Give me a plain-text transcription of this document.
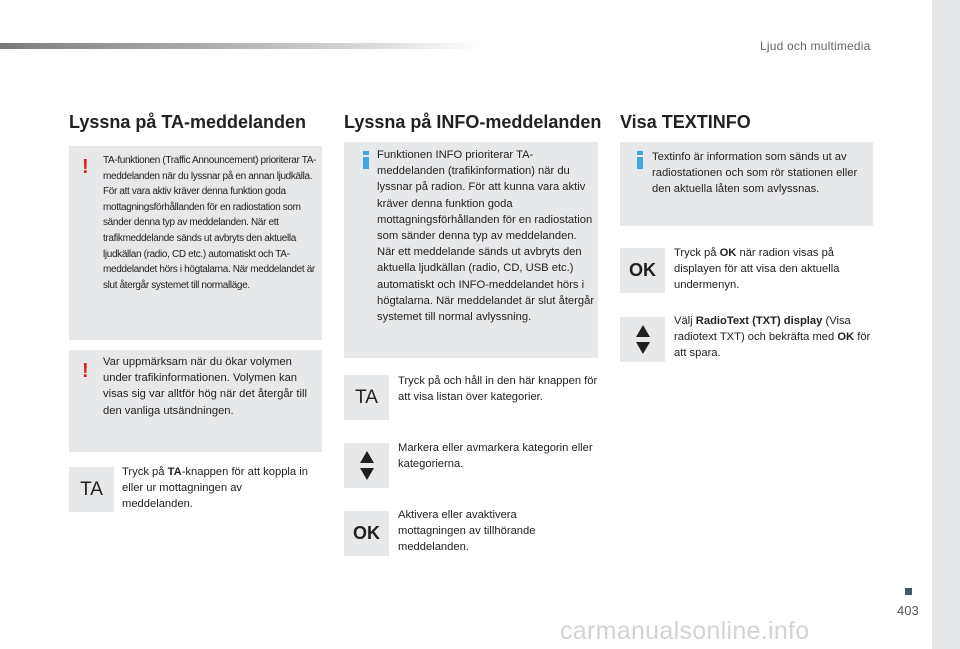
Ljud och multimedia
Lyssna på TA-meddelanden
! TA-funktionen (Traffic Announcement) prioriterar TA-meddelanden när du lyssnar på en annan ljudkälla. För att vara aktiv kräver denna funktion goda mottagningsförhållanden för en radiostation som sänder denna typ av meddelanden. När ett trafikmeddelande sänds ut avbryts den aktuella ljudkällan (radio, CD etc.) automatiskt och TA-meddelandet hörs i högtalarna. När meddelandet är slut återgår systemet till normalläge.
! Var uppmärksam när du ökar volymen under trafikinformationen. Volymen kan visas sig var alltför hög när det återgår till den vanliga utsändningen.
TA
Tryck på TA-knappen för att koppla in eller ur mottagningen av meddelanden.
Lyssna på INFO-meddelanden
Funktionen INFO prioriterar TA-meddelanden (trafikinformation) när du lyssnar på radion. För att kunna vara aktiv kräver denna funktion goda mottagningsförhållanden för en radiostation som sänder denna typ av meddelanden. När ett meddelande sänds ut avbryts den aktuella ljudkällan (radio, CD, USB etc.) automatiskt och INFO-meddelandet hörs i högtalarna. När meddelandet är slut återgår systemet till normal avlyssning.
TA
Tryck på och håll in den här knappen för att visa listan över kategorier.
Markera eller avmarkera kategorin eller kategorierna.
OK
Aktivera eller avaktivera mottagningen av tillhörande meddelanden.
Visa TEXTINFO
Textinfo är information som sänds ut av radiostationen och som rör stationen eller den aktuella låten som avlyssnas.
OK
Tryck på OK när radion visas på displayen för att visa den aktuella undermenyn.
Välj RadioText (TXT) display (Visa radiotext TXT) och bekräfta med OK för att spara.
403
carmanualsonline.info
